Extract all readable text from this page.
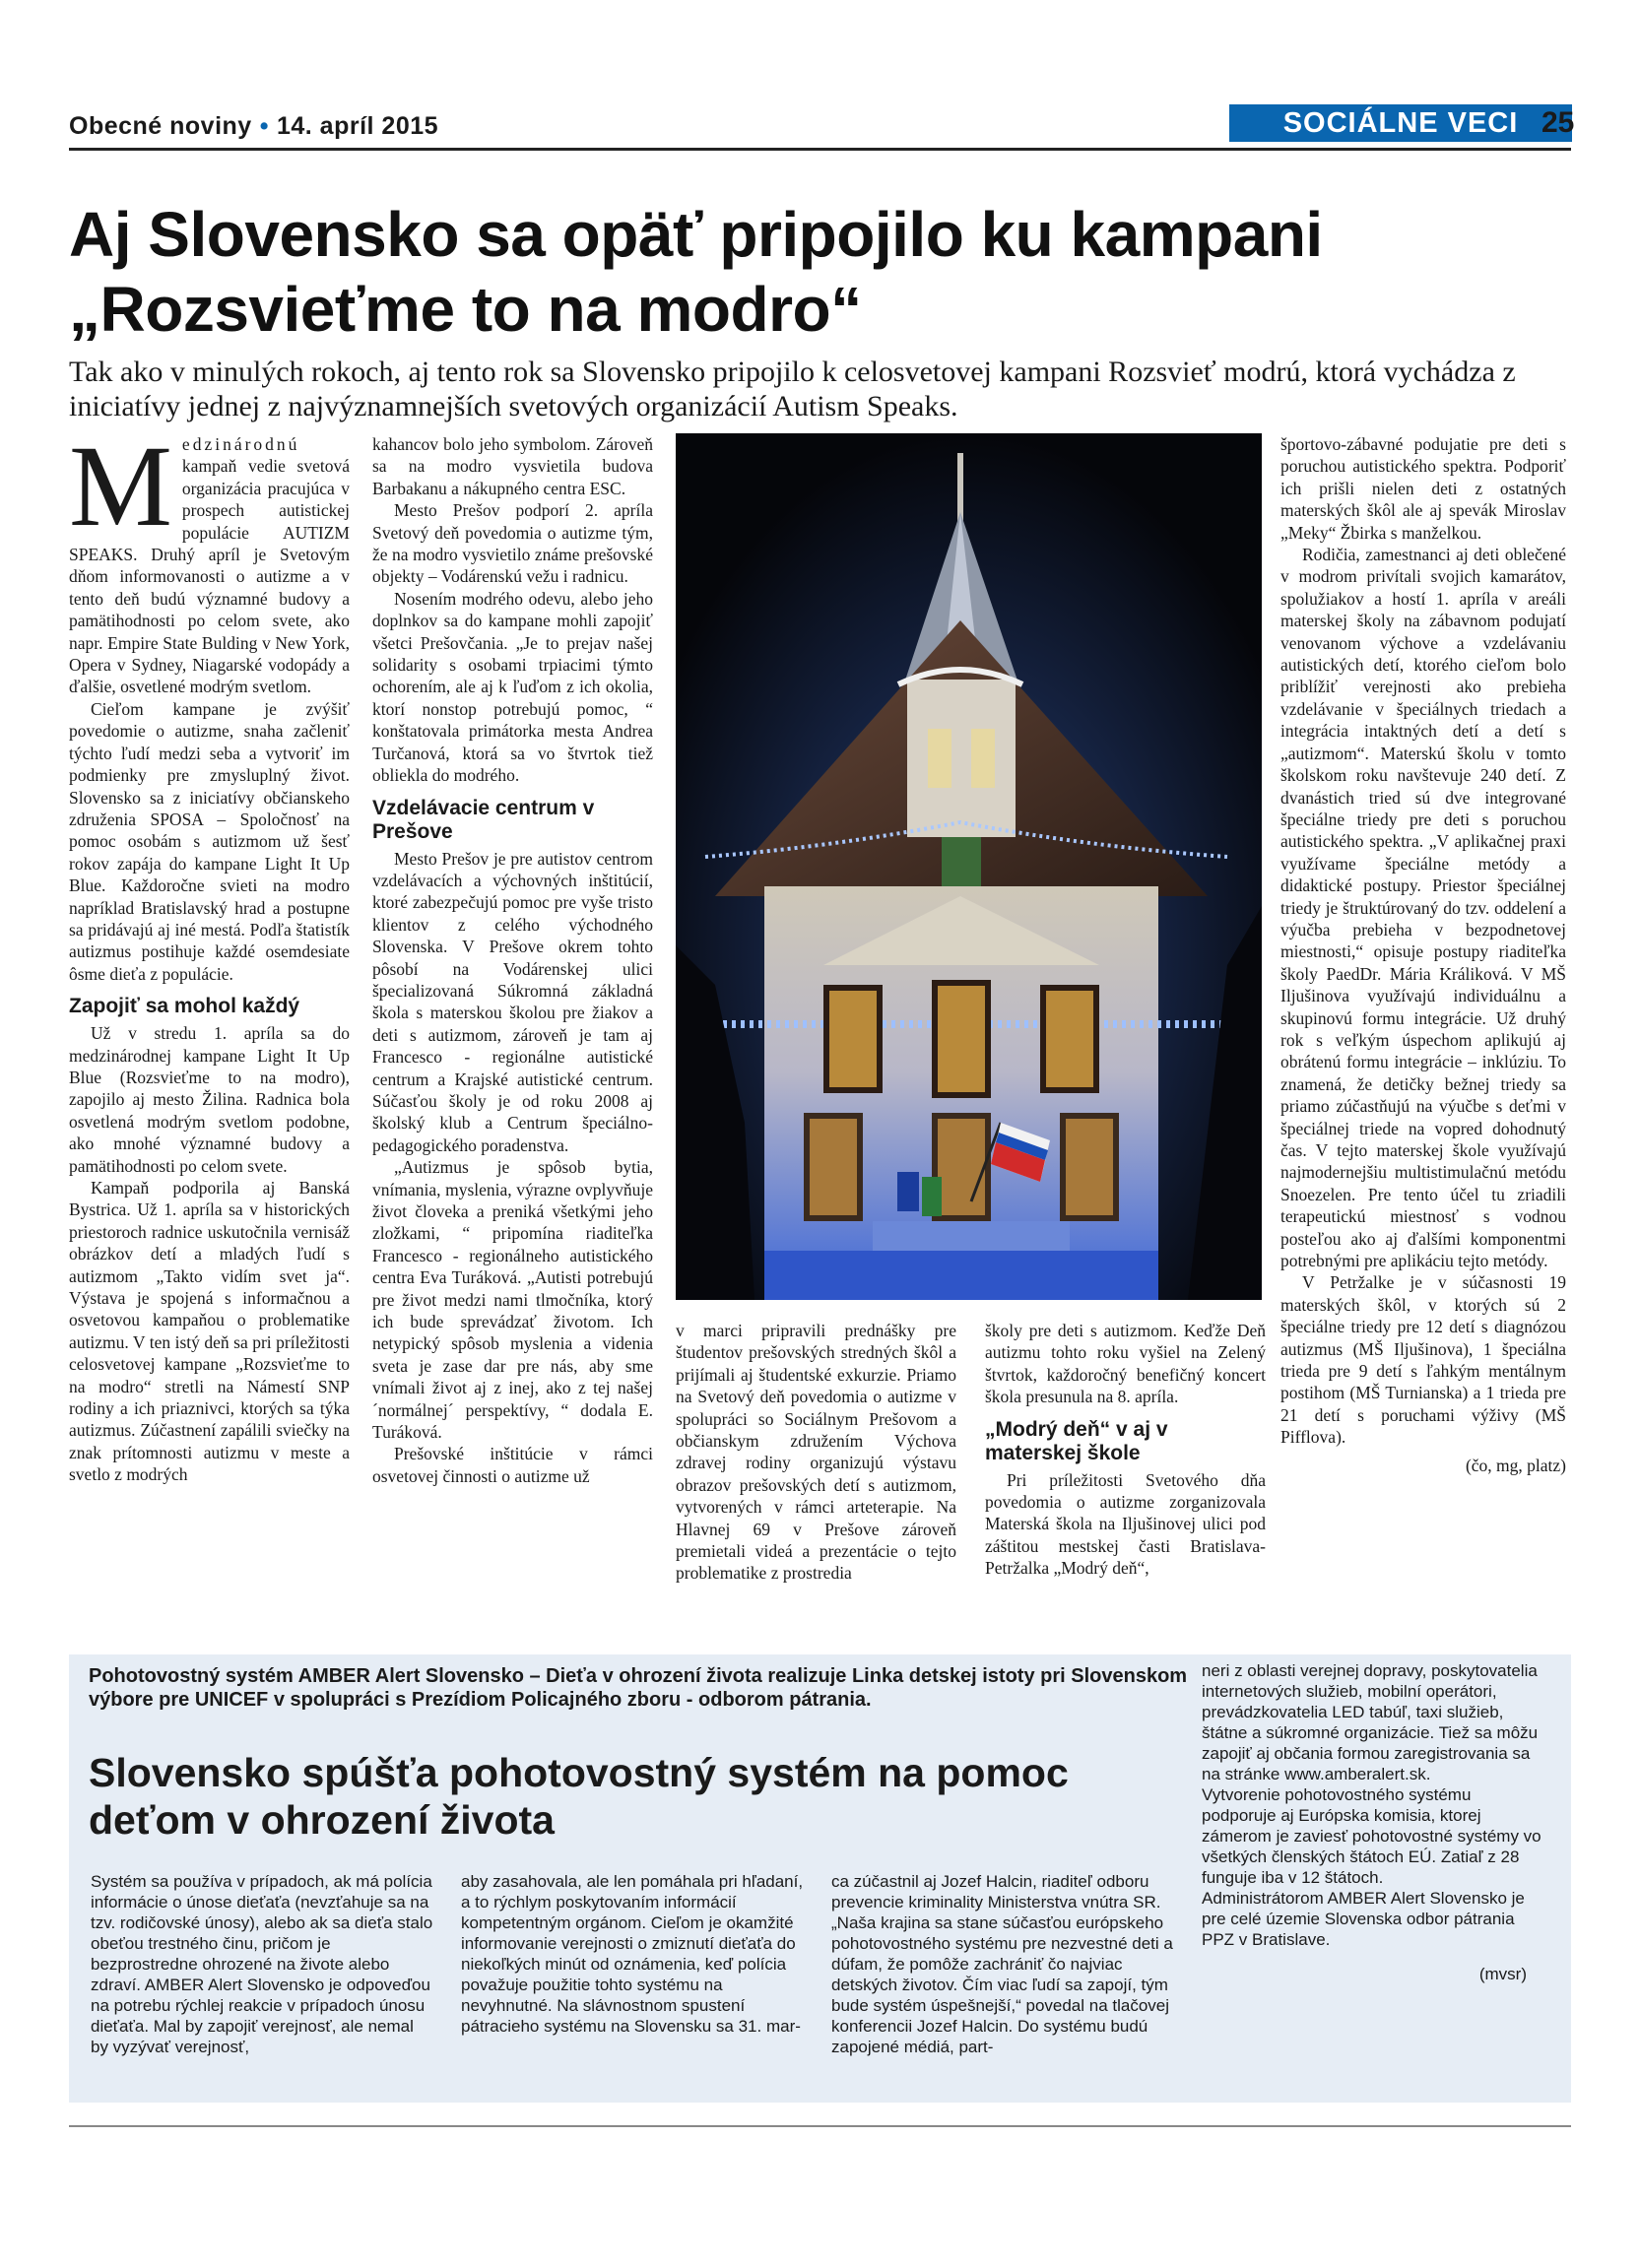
Obecné noviny • 14. apríl 2015	SOCIÁLNE VECI 25
Aj Slovensko sa opäť pripojilo ku kampani
„Rozsvieťme to na modro“

Tak ako v minulých rokoch, aj tento rok sa Slovensko pripojilo k celosvetovej kampani Rozsvieť modrú, ktorá vychádza z iniciatívy jednej z najvýznamnejších svetových organizácií Autism Speaks.

Medzinárodnú kampaň vedie svetová organizácia pracujúca v prospech autistickej populácie AUTIZM SPEAKS. Druhý apríl je Svetovým dňom informovanosti o autizme a v tento deň budú významné budovy a pamätihodnosti po celom svete, ako napr. Empire State Bulding v New York, Opera v Sydney, Niagarské vodopády a ďalšie, osvetlené modrým svetlom.

Cieľom kampane je zvýšiť povedomie o autizme, snaha začleniť týchto ľudí medzi seba a vytvoriť im podmienky pre zmysluplný život. Slovensko sa z iniciatívy občianskeho združenia SPOSA – Spoločnosť na pomoc osobám s autizmom už šesť rokov zapája do kampane Light It Up Blue. Každoročne svieti na modro napríklad Bratislavský hrad a postupne sa pridávajú aj iné mestá. Podľa štatistík autizmus postihuje každé osemdesiate ôsme dieťa z populácie.

Zapojiť sa mohol každý

Už v stredu 1. apríla sa do medzinárodnej kampane Light It Up Blue (Rozsvieťme to na modro), zapojilo aj mesto Žilina. Radnica bola osvetlená modrým svetlom podobne, ako mnohé významné budovy a pamätihodnosti po celom svete.

Kampaň podporila aj Banská Bystrica. Už 1. apríla sa v historických priestoroch radnice uskutočnila vernisáž obrázkov detí a mladých ľudí s autizmom „Takto vidím svet ja“. Výstava je spojená s informačnou a osvetovou kampaňou o problematike autizmu. V ten istý deň sa pri príležitosti celosvetovej kampane „Rozsvieťme to na modro“ stretli na Námestí SNP rodiny a ich priaznivci, ktorých sa týka autizmus. Zúčastnení zapálili sviečky na znak prítomnosti autizmu v meste a svetlo z modrých

kahancov bolo jeho symbolom. Zároveň sa na modro vysvietila budova Barbakanu a nákupného centra ESC.

Mesto Prešov podporí 2. apríla Svetový deň povedomia o autizme tým, že na modro vysvietilo známe prešovské objekty – Vodárenskú vežu i radnicu.

Nosením modrého odevu, alebo jeho doplnkov sa do kampane mohli zapojiť všetci Prešovčania. „Je to prejav našej solidarity s osobami trpiacimi týmto ochorením, ale aj k ľuďom z ich okolia, ktorí nonstop potrebujú pomoc, “ konštatovala primátorka mesta Andrea Turčanová, ktorá sa vo štvrtok tiež obliekla do modrého.

Vzdelávacie centrum v Prešove

Mesto Prešov je pre autistov centrom vzdelávacích a výchovných inštitúcií, ktoré zabezpečujú pomoc pre vyše tristo klientov z celého východného Slovenska. V Prešove okrem tohto pôsobí na Vodárenskej ulici špecializovaná Súkromná základná škola s materskou školou pre žiakov a deti s autizmom, zároveň je tam aj Francesco - regionálne autistické centrum a Krajské autistické centrum. Súčasťou školy je od roku 2008 aj školský klub a Centrum špeciálno-pedagogického poradenstva.

„Autizmus je spôsob bytia, vnímania, myslenia, výrazne ovplyvňuje život človeka a preniká všetkými jeho zložkami, “ pripomína riaditeľka Francesco - regionálneho autistického centra Eva Turáková. „Autisti potrebujú pre život medzi nami tlmočníka, ktorý ich bude sprevádzať životom. Ich netypický spôsob myslenia a videnia sveta je zase dar pre nás, aby sme vnímali život aj z inej, ako z tej našej ´normálnej´ perspektívy, “ dodala E. Turáková.

Prešovské inštitúcie v rámci osvetovej činnosti o autizme už

v marci pripravili prednášky pre študentov prešovských stredných škôl a prijímali aj študentské exkurzie. Priamo na Svetový deň povedomia o autizme v spolupráci so Sociálnym Prešovom a občianskym združením Výchova zdravej rodiny organizujú výstavu obrazov prešovských detí s autizmom, vytvorených v rámci arteterapie. Na Hlavnej 69 v Prešove zároveň premietali videá a prezentácie o tejto problematike z prostredia

školy pre deti s autizmom. Keďže Deň autizmu tohto roku vyšiel na Zelený štvrtok, každoročný benefičný koncert škola presunula na 8. apríla.

„Modrý deň“ v aj v materskej škole

Pri príležitosti Svetového dňa povedomia o autizme zorganizovala Materská škola na Iljušinovej ulici pod záštitou mestskej časti Bratislava-Petržalka „Modrý deň“,

športovo-zábavné podujatie pre deti s poruchou autistického spektra. Podporiť ich prišli nielen deti z ostatných materských škôl ale aj spevák Miroslav „Meky“ Žbirka s manželkou.

Rodičia, zamestnanci aj deti oblečené v modrom privítali svojich kamarátov, spolužiakov a hostí 1. apríla v areáli materskej školy na zábavnom podujatí venovanom výchove a vzdelávaniu autistických detí, ktorého cieľom bolo priblížiť verejnosti ako prebieha vzdelávanie v špeciálnych triedach a integrácia intaktných detí a detí s „autizmom“. Materskú školu v tomto školskom roku navštevuje 240 detí. Z dvanástich tried sú dve integrované špeciálne triedy pre deti s poruchou autistického spektra. „V aplikačnej praxi využívame špeciálne metódy a didaktické postupy. Priestor špeciálnej triedy je štruktúrovaný do tzv. oddelení a výučba prebieha v bezpodnetovej miestnosti,“ opisuje postupy riaditeľka školy PaedDr. Mária Králiková. V MŠ Iljušinova využívajú individuálnu a skupinovú formu integrácie. Už druhý rok s veľkým úspechom aplikujú aj obrátenú formu integrácie – inklúziu. To znamená, že detičky bežnej triedy sa priamo zúčastňujú na výučbe s deťmi v špeciálnej triede na vopred dohodnutý čas. V tejto materskej škole využívajú najmodernejšiu multistimulačnú metódu Snoezelen. Pre tento účel tu zriadili terapeutickú miestnosť s vodnou posteľou ako aj ďalšími komponentmi potrebnými pre aplikáciu tejto metódy.

V Petržalke je v súčasnosti 19 materských škôl, v ktorých sú 2 špeciálne triedy pre 12 detí s diagnózou autizmus (MŠ Iljušinova), 1 špeciálna trieda pre 9 detí s ľahkým mentálnym postihom (MŠ Turnianska) a 1 trieda pre 21 detí s poruchami výživy (MŠ Pifflova).

(čo, mg, platz)

Pohotovostný systém AMBER Alert Slovensko – Dieťa v ohrození života realizuje Linka detskej istoty pri Slovenskom výbore pre UNICEF v spolupráci s Prezídiom Policajného zboru - odborom pátrania.
Slovensko spúšťa pohotovostný systém na pomoc
deťom v ohrození života
Systém sa používa v prípadoch, ak má polícia informácie o únose dieťaťa (nevzťahuje sa na tzv. rodičovské únosy), alebo ak sa dieťa stalo obeťou trestného činu, pričom je bezprostredne ohrozené na živote alebo zdraví. AMBER Alert Slovensko je odpoveďou na potrebu rýchlej reakcie v prípadoch únosu dieťaťa. Mal by zapojiť verejnosť, ale nemal by vyzývať verejnosť,
aby zasahovala, ale len pomáhala pri hľadaní, a to rýchlym poskytovaním informácií kompetentným orgánom. Cieľom je okamžité informovanie verejnosti o zmiznutí dieťaťa do niekoľkých minút od oznámenia, keď polícia považuje použitie tohto systému na nevyhnutné. Na slávnostnom spustení pátracieho systému na Slovensku sa 31. mar-
ca zúčastnil aj Jozef Halcin, riaditeľ odboru prevencie kriminality Ministerstva vnútra SR. „Naša krajina sa stane súčasťou európskeho pohotovostného systému pre nezvestné deti a dúfam, že pomôže zachrániť čo najviac detských životov. Čím viac ľudí sa zapojí, tým bude systém úspešnejší,“ povedal na tlačovej konferencii Jozef Halcin. Do systému budú zapojené médiá, part-

neri z oblasti verejnej dopravy, poskytovatelia internetových služieb, mobilní operátori, prevádzkovatelia LED tabúľ, taxi služieb, štátne a súkromné organizácie. Tiež sa môžu zapojiť aj občania formou zaregistrovania sa na stránke www.amberalert.sk.

Vytvorenie pohotovostného systému podporuje aj Európska komisia, ktorej zámerom je zaviesť pohotovostné systémy vo všetkých členských štátoch EÚ. Zatiaľ z 28 funguje iba v 12 štátoch.

Administrátorom AMBER Alert Slovensko je pre celé územie Slovenska odbor pátrania PPZ v Bratislave.

(mvsr)
